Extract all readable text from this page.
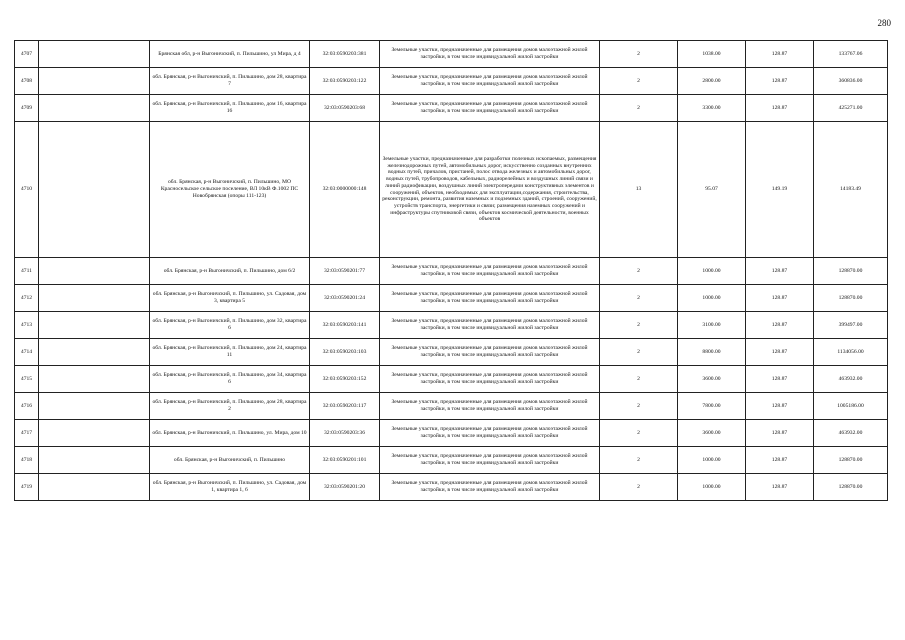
280
4707		Брянская обл, р-н Выгоничский, п. Пильшино, ул Мира, д 4	32:03:0590203:381	Земельные участки, предназначенные для размещения домов малоэтажной жилой застройки, в том числе индивидуальной жилой застройки	2	1038.00	128.87	133767.06
4708		обл. Брянская, р-н Выгоничский, п. Пильшино, дом 28, квартира 7	32:03:0590203:122	Земельные участки, предназначенные для размещения домов малоэтажной жилой застройки, в том числе индивидуальной жилой застройки	2	2800.00	128.87	360836.00
4709		обл. Брянская, р-н Выгоничский, п. Пильшино, дом 16, квартира 16	32:03:0590203:68	Земельные участки, предназначенные для размещения домов малоэтажной жилой застройки, в том числе индивидуальной жилой застройки	2	3300.00	128.87	425271.00
4710		обл. Брянская, р-н Выгоничский, п. Пильшино, МО Красносельское сельское поселение, ВЛ 10кВ Ф.1002 ПС Новобрянская (опоры 111-123)	32:03:0000000:148	Земельные участки, предназначенные для разработки полезных ископаемых, размещения железнодорожных путей, автомобильных дорог, искусственно созданных внутренних водных путей, причалов, пристаней, полос отвода железных и автомобильных дорог, водных путей, трубопроводов, кабельных, радиорелейных и воздушных линий связи и линий радиофикации, воздушных линий электропередачи конструктивных элементов и сооружений, объектов, необходимых для эксплуатации,содержания, строительства, реконструкции, ремонта, развития наземных и подземных зданий, строений, сооружений, устройств транспорта, энергетики и связи; размещения наземных сооружений и инфраструктуры спутниковой связи, объектов космической деятельности, военных объектов	13	95.07	149.19	14183.49
4711		обл. Брянская, р-н Выгоничский, п. Пильшино, дом 6/2	32:03:0590201:77	Земельные участки, предназначенные для размещения домов малоэтажной жилой застройки, в том числе индивидуальной жилой застройки	2	1000.00	128.87	128870.00
4712		обл. Брянская, р-н Выгоничский, п. Пильшино, ул. Садовая, дом 3, квартира 5	32:03:0590201:24	Земельные участки, предназначенные для размещения домов малоэтажной жилой застройки, в том числе индивидуальной жилой застройки	2	1000.00	128.87	128870.00
4713		обл. Брянская, р-н Выгоничский, п. Пильшино, дом 32, квартира 6	32:03:0590203:141	Земельные участки, предназначенные для размещения домов малоэтажной жилой застройки, в том числе индивидуальной жилой застройки	2	3100.00	128.87	399497.00
4714		обл. Брянская, р-н Выгоничский, п. Пильшино, дом 24, квартира 11	32:03:0590203:103	Земельные участки, предназначенные для размещения домов малоэтажной жилой застройки, в том числе индивидуальной жилой застройки	2	8800.00	128.87	1134056.00
4715		обл. Брянская, р-н Выгоничский, п. Пильшино, дом 34, квартира 6	32:03:0590203:152	Земельные участки, предназначенные для размещения домов малоэтажной жилой застройки, в том числе индивидуальной жилой застройки	2	3600.00	128.87	463932.00
4716		обл. Брянская, р-н Выгоничский, п. Пильшино, дом 28, квартира 2	32:03:0590203:117	Земельные участки, предназначенные для размещения домов малоэтажной жилой застройки, в том числе индивидуальной жилой застройки	2	7800.00	128.87	1005186.00
4717		обл. Брянская, р-н Выгоничский, п. Пильшино, ул. Мира, дом 10	32:03:0590203:36	Земельные участки, предназначенные для размещения домов малоэтажной жилой застройки, в том числе индивидуальной жилой застройки	2	3600.00	128.87	463932.00
4718		обл. Брянская, р-н Выгоничский, п. Пильшино	32:03:0590201:101	Земельные участки, предназначенные для размещения домов малоэтажной жилой застройки, в том числе индивидуальной жилой застройки	2	1000.00	128.87	128870.00
4719		обл. Брянская, р-н Выгоничский, п. Пильшино, ул. Садовая, дом 1, квартира 1, 6	32:03:0590201:20	Земельные участки, предназначенные для размещения домов малоэтажной жилой застройки, в том числе индивидуальной жилой застройки	2	1000.00	128.87	128870.00
